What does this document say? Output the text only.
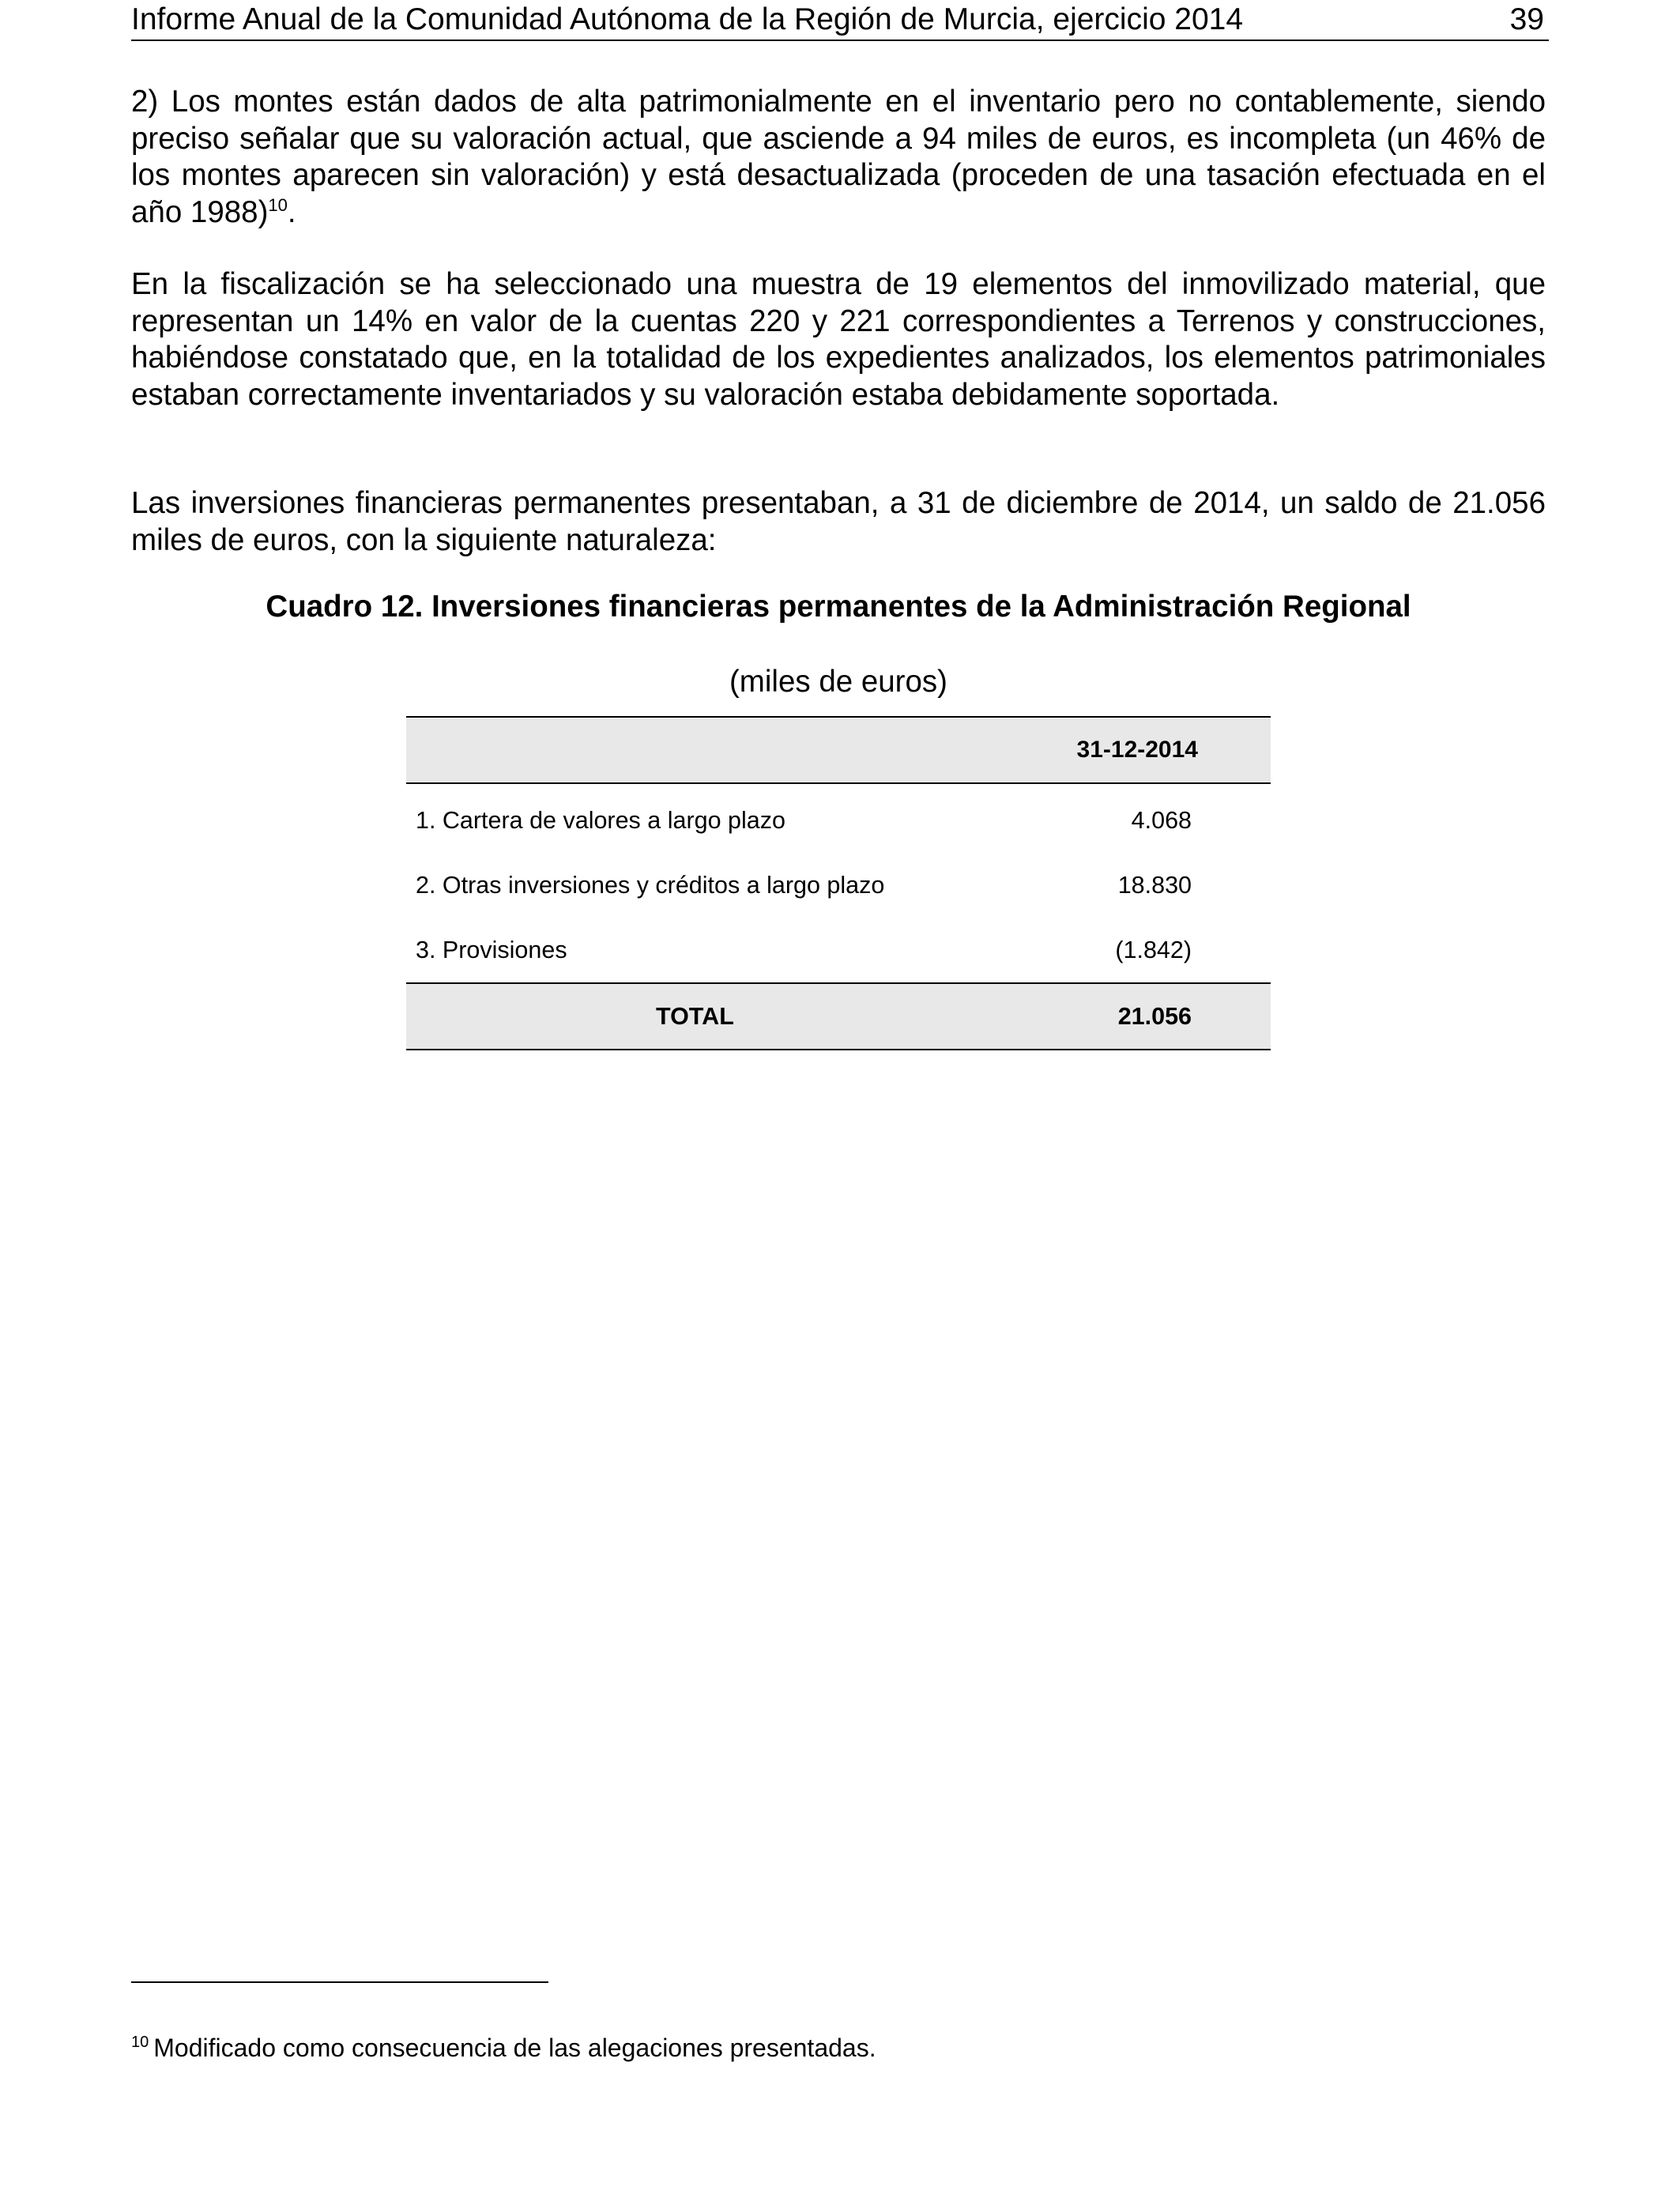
Informe Anual de la Comunidad Autónoma de la Región de Murcia, ejercicio 2014	39

2) Los montes están dados de alta patrimonialmente en el inventario pero no contablemente, siendo preciso señalar que su valoración actual, que asciende a 94 miles de euros, es incompleta (un 46% de los montes aparecen sin valoración) y está desactualizada (proceden de una tasación efectuada en el año 1988)$^{10}$.

En la fiscalización se ha seleccionado una muestra de 19 elementos del inmovilizado material, que representan un 14% en valor de la cuentas 220 y 221 correspondientes a Terrenos y construcciones, habiéndose constatado que, en la totalidad de los expedientes analizados, los elementos patrimoniales estaban correctamente inventariados y su valoración estaba debidamente soportada.

Las inversiones financieras permanentes presentaban, a 31 de diciembre de 2014, un saldo de 21.056 miles de euros, con la siguiente naturaleza:

Cuadro 12. Inversiones financieras permanentes de la Administración Regional
(miles de euros)
31-12-2014
1. Cartera de valores a largo plazo	4.068
2. Otras inversiones y créditos a largo plazo	18.830
3. Provisiones	(1.842)
TOTAL	21.056
$^{10}$ Modificado como consecuencia de las alegaciones presentadas.
